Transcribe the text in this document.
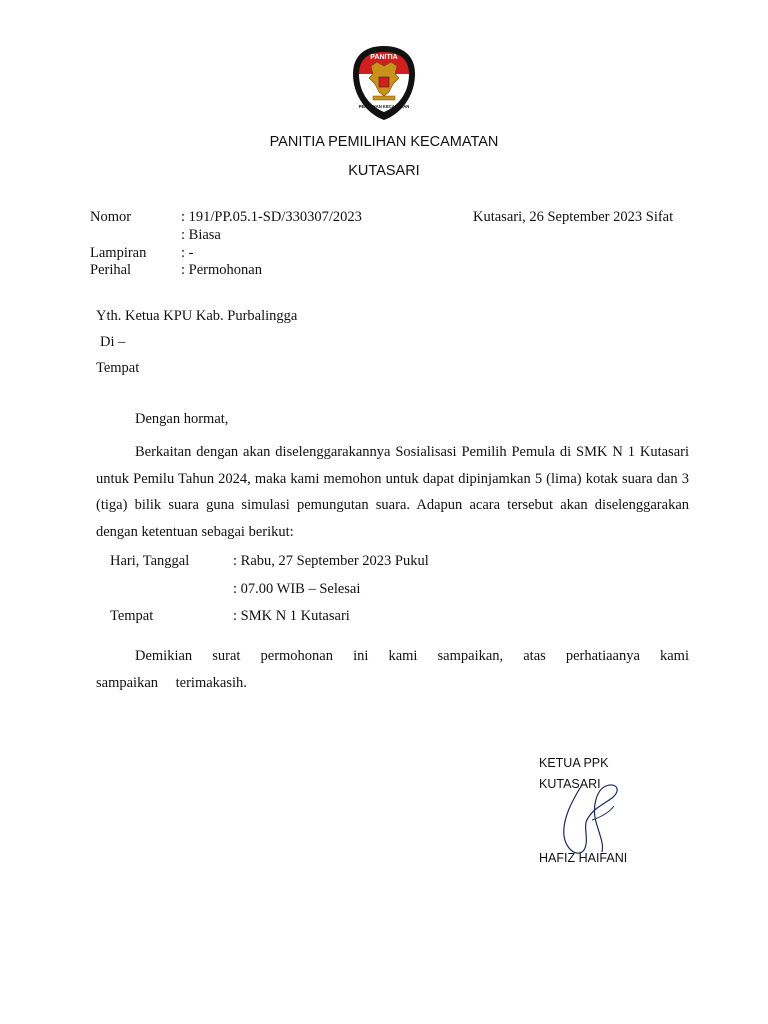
PANITIA
PEMILIHAN KECAMATAN
PANITIA PEMILIHAN KECAMATAN
KUTASARI
Nomor	: 191/PP.05.1-SD/330307/2023	Kutasari, 26 September 2023 Sifat
: Biasa
Lampiran : -
Perihal	: Permohonan
Yth. Ketua KPU Kab. Purbalingga
Di –
Tempat
Dengan hormat,
Berkaitan dengan akan diselenggarakannya Sosialisasi Pemilih Pemula di SMK N 1 Kutasari untuk Pemilu Tahun 2024, maka kami memohon untuk dapat dipinjamkan 5 (lima) kotak suara dan 3 (tiga) bilik suara guna simulasi pemungutan suara. Adapun acara tersebut akan diselenggarakan dengan ketentuan sebagai berikut:
Hari, Tanggal	: Rabu, 27 September 2023 Pukul
: 07.00 WIB – Selesai
Tempat	: SMK N 1 Kutasari
Demikian surat permohonan ini kami sampaikan, atas perhatiaanya kami sampaikan terimakasih.
KETUA PPK
KUTASARI
HAFIZ HAIFANI
